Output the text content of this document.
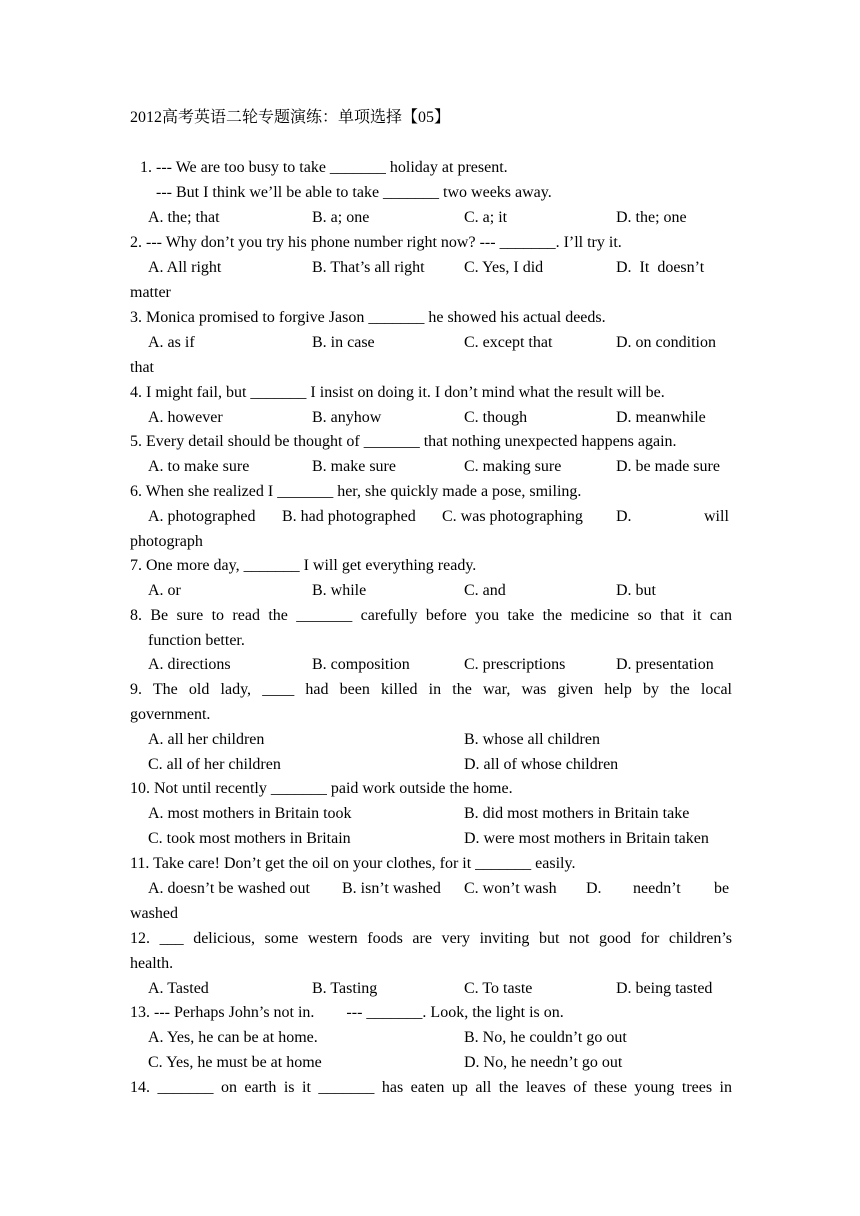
2012高考英语二轮专题演练：单项选择【05】
1. --- We are too busy to take _______ holiday at present.
--- But I think we’ll be able to take _______ two weeks away.
A. the; that	B. a; one	C. a; it	D. the; one
2. --- Why don’t you try his phone number right now? --- _______. I’ll try it.
A. All right	B. That’s all right C. Yes, I did	D. It doesn’t
matter
3. Monica promised to forgive Jason _______ he showed his actual deeds.
A. as if	B. in case	C. except that	D. on condition
that
4. I might fail, but _______ I insist on doing it. I don’t mind what the result will be.
A. however	B. anyhow	C. though	D. meanwhile
5. Every detail should be thought of _______ that nothing unexpected happens again.
A. to make sure	B. make sure	C. making sure	D. be made sure
6. When she realized I _______ her, she quickly made a pose, smiling.
A. photographed B. had photographed C. was photographing D.	will
photograph
7. One more day, _______ I will get everything ready.
A. or	B. while	C. and	D. but
8. Be sure to read the _______ carefully before you take the medicine so that it can
function better.
A. directions	B. composition	C. prescriptions	D. presentation
9. The old lady, ____ had been killed in the war, was given help by the local
government.
A. all her children	B. whose all children
C. all of her children	D. all of whose children
10. Not until recently _______ paid work outside the home.
A. most mothers in Britain took	B. did most mothers in Britain take
C. took most mothers in Britain	D. were most mothers in Britain taken
11. Take care! Don’t get the oil on your clothes, for it _______ easily.
A. doesn’t be washed out B. isn’t washed C. won’t wash D. needn’t be
washed
12. ___ delicious, some western foods are very inviting but not good for children’s
health.
A. Tasted	B. Tasting	C. To taste	D. being tasted
13. --- Perhaps John’s not in.        --- _______. Look, the light is on.
A. Yes, he can be at home.	B. No, he couldn’t go out
C. Yes, he must be at home	D. No, he needn’t go out
14. _______ on earth is it _______ has eaten up all the leaves of these young trees in
